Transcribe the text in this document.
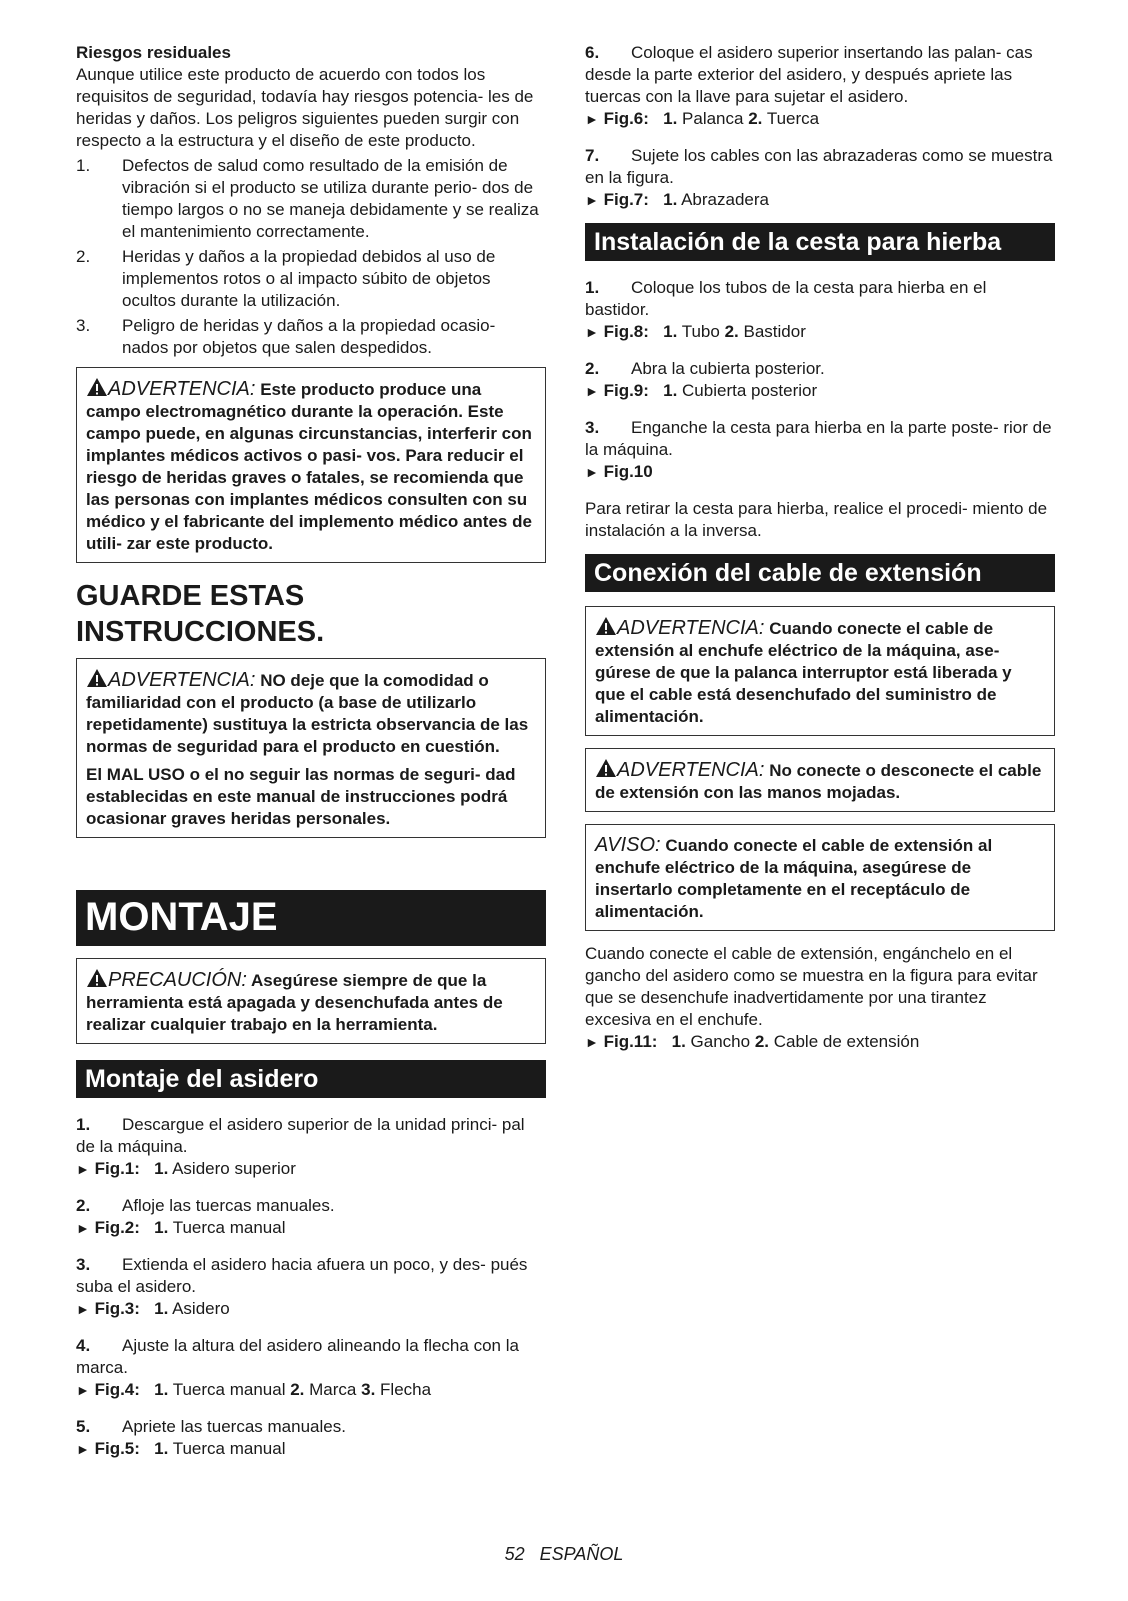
Riesgos residuales

Aunque utilice este producto de acuerdo con todos los requisitos de seguridad, todavía hay riesgos potencia- les de heridas y daños. Los peligros siguientes pueden surgir con respecto a la estructura y el diseño de este producto.

1.	Defectos de salud como resultado de la emisión de vibración si el producto se utiliza durante perio- dos de tiempo largos o no se maneja debidamente y se realiza el mantenimiento correctamente.
2.	Heridas y daños a la propiedad debidos al uso de implementos rotos o al impacto súbito de objetos ocultos durante la utilización.
3.	Peligro de heridas y daños a la propiedad ocasio- nados por objetos que salen despedidos.
ADVERTENCIA: Este producto produce una campo electromagnético durante la operación. Este campo puede, en algunas circunstancias, interferir con implantes médicos activos o pasi- vos. Para reducir el riesgo de heridas graves o fatales, se recomienda que las personas con implantes médicos consulten con su médico y el fabricante del implemento médico antes de utili- zar este producto.
GUARDE ESTAS
INSTRUCCIONES.
ADVERTENCIA: NO deje que la comodidad o familiaridad con el producto (a base de utilizarlo repetidamente) sustituya la estricta observancia de las normas de seguridad para el producto en cuestión.

El MAL USO o el no seguir las normas de seguri- dad establecidas en este manual de instrucciones podrá ocasionar graves heridas personales.

MONTAJE
PRECAUCIÓN: Asegúrese siempre de que la herramienta está apagada y desenchufada antes de realizar cualquier trabajo en la herramienta.
Montaje del asidero

1. Descargue el asidero superior de la unidad princi- pal de la máquina.

► Fig.1: 1. Asidero superior

2. Afloje las tuercas manuales.

► Fig.2: 1. Tuerca manual

3. Extienda el asidero hacia afuera un poco, y des- pués suba el asidero.

► Fig.3: 1. Asidero

4. Ajuste la altura del asidero alineando la flecha con la marca.

► Fig.4: 1. Tuerca manual 2. Marca 3. Flecha

5. Apriete las tuercas manuales.

► Fig.5: 1. Tuerca manual

6. Coloque el asidero superior insertando las palan- cas desde la parte exterior del asidero, y después apriete las tuercas con la llave para sujetar el asidero.

► Fig.6: 1. Palanca 2. Tuerca

7. Sujete los cables con las abrazaderas como se muestra en la figura.

► Fig.7: 1. Abrazadera

Instalación de la cesta para hierba

1. Coloque los tubos de la cesta para hierba en el bastidor.

► Fig.8: 1. Tubo 2. Bastidor

2. Abra la cubierta posterior.

► Fig.9: 1. Cubierta posterior

3. Enganche la cesta para hierba en la parte poste- rior de la máquina.

► Fig.10

Para retirar la cesta para hierba, realice el procedi- miento de instalación a la inversa.

Conexión del cable de extensión
ADVERTENCIA: Cuando conecte el cable de extensión al enchufe eléctrico de la máquina, ase- gúrese de que la palanca interruptor está liberada y que el cable está desenchufado del suministro de alimentación.
ADVERTENCIA: No conecte o desconecte el cable de extensión con las manos mojadas.
AVISO: Cuando conecte el cable de extensión al enchufe eléctrico de la máquina, asegúrese de insertarlo completamente en el receptáculo de alimentación.

Cuando conecte el cable de extensión, engánchelo en el gancho del asidero como se muestra en la figura para evitar que se desenchufe inadvertidamente por una tirantez excesiva en el enchufe.

► Fig.11: 1. Gancho 2. Cable de extensión

52 ESPAÑOL
